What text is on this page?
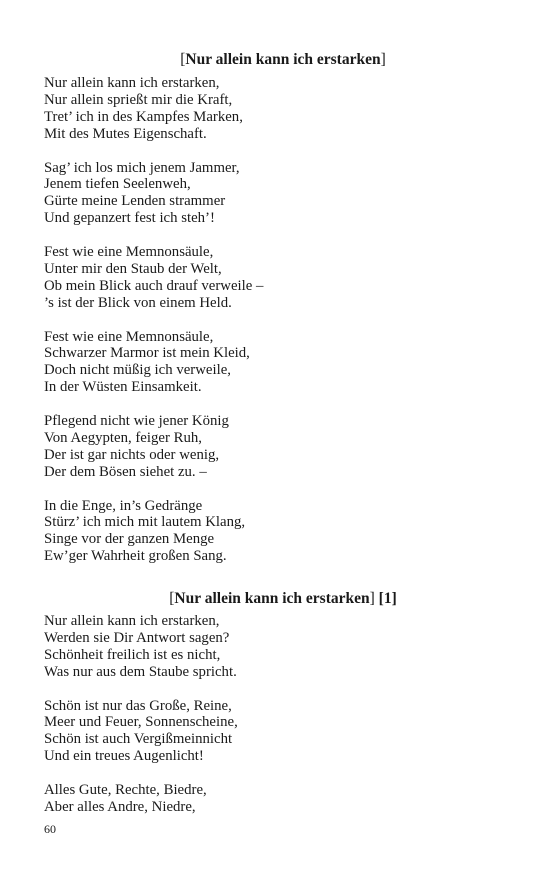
[Nur allein kann ich erstarken]
Nur allein kann ich erstarken,
Nur allein sprießt mir die Kraft,
Tret’ ich in des Kampfes Marken,
Mit des Mutes Eigenschaft.
Sag’ ich los mich jenem Jammer,
Jenem tiefen Seelenweh,
Gürte meine Lenden strammer
Und gepanzert fest ich steh’!
Fest wie eine Memnonsäule,
Unter mir den Staub der Welt,
Ob mein Blick auch drauf verweile –
’s ist der Blick von einem Held.
Fest wie eine Memnonsäule,
Schwarzer Marmor ist mein Kleid,
Doch nicht müßig ich verweile,
In der Wüsten Einsamkeit.
Pflegend nicht wie jener König
Von Aegypten, feiger Ruh,
Der ist gar nichts oder wenig,
Der dem Bösen siehet zu. –
In die Enge, in’s Gedränge
Stürz’ ich mich mit lautem Klang,
Singe vor der ganzen Menge
Ew’ger Wahrheit großen Sang.
[Nur allein kann ich erstarken] [1]
Nur allein kann ich erstarken,
Werden sie Dir Antwort sagen?
Schönheit freilich ist es nicht,
Was nur aus dem Staube spricht.
Schön ist nur das Große, Reine,
Meer und Feuer, Sonnenscheine,
Schön ist auch Vergißmeinnicht
Und ein treues Augenlicht!
Alles Gute, Rechte, Biedre,
Aber alles Andre, Niedre,
60
